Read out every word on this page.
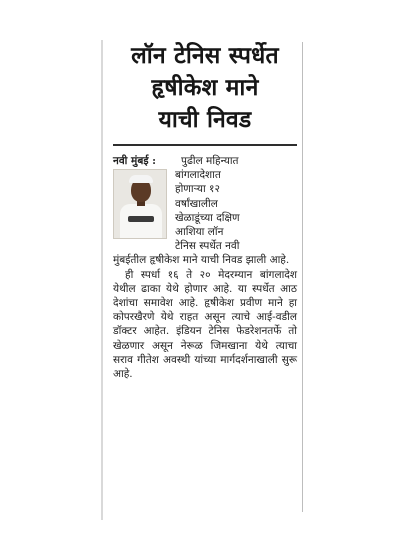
लॉन टेनिस स्पर्धेत
हृषीकेश माने
याची निवड
नवी मुंबई :	पुढील महिन्यात
बांगलादेशात
होणाऱ्या १२
वर्षांखालील
खेळाडूंच्या दक्षिण
आशिया लॉन
टेनिस स्पर्धेत नवी

मुंबईतील हृषीकेश माने याची निवड झाली आहे.

ही स्पर्धा १६ ते २० मेदरम्यान बांगलादेश येथील ढाका येथे होणार आहे. या स्पर्धेत आठ देशांचा समावेश आहे. हृषीकेश प्रवीण माने हा कोपरखैरणे येथे राहत असून त्याचे आई-वडील डॉक्टर आहेत. इंडियन टेनिस फेडरेशनतर्फे तो खेळणार असून नेरूळ जिमखाना येथे त्याचा सराव गीतेश अवस्थी यांच्या मार्गदर्शनाखाली सुरू आहे.
